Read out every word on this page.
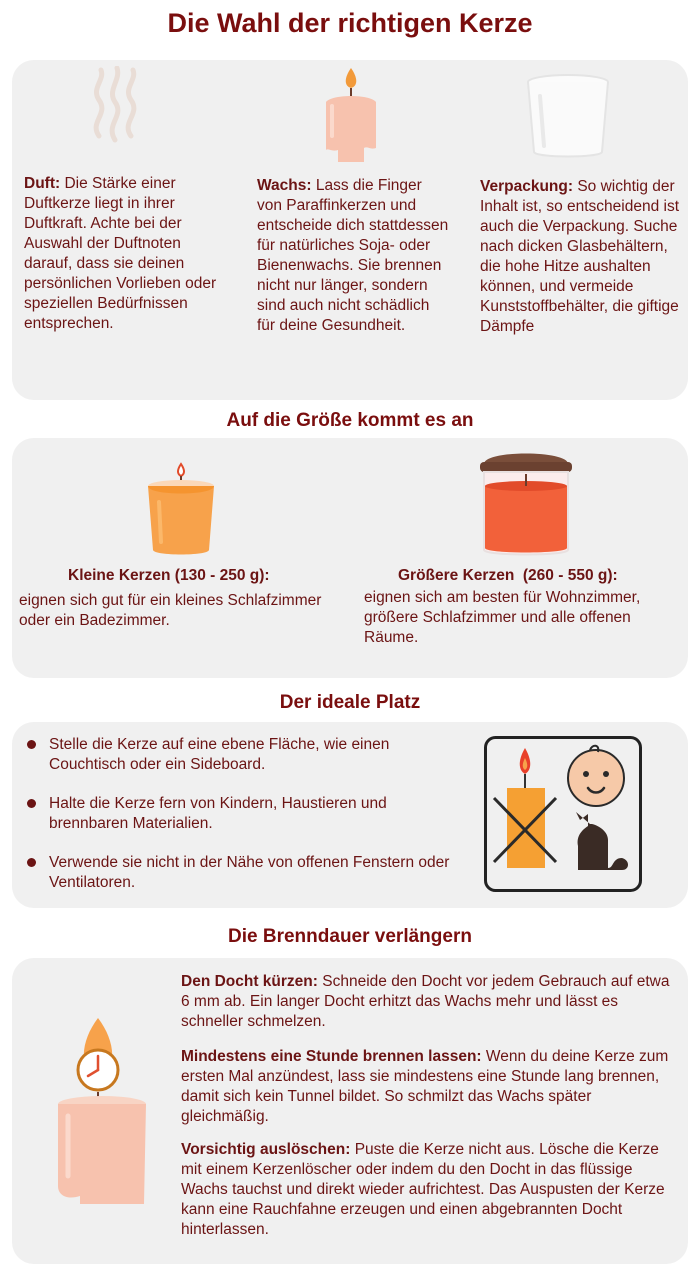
Die Wahl der richtigen Kerze
Duft: Die Stärke einer Duftkerze liegt in ihrer Duftkraft. Achte bei der Auswahl der Duftnoten darauf, dass sie deinen persönlichen Vorlieben oder speziellen Bedürfnissen entsprechen.
Wachs: Lass die Finger von Paraffinkerzen und entscheide dich stattdessen für natürliches Soja- oder Bienenwachs. Sie brennen nicht nur länger, sondern sind auch nicht schädlich für deine Gesundheit.
Verpackung: So wichtig der Inhalt ist, so entscheidend ist auch die Verpackung. Suche nach dicken Glasbehältern, die hohe Hitze aushalten können, und vermeide Kunststoffbehälter, die giftige Dämpfe
Auf die Größe kommt es an
Kleine Kerzen (130 - 250 g):
eignen sich gut für ein kleines Schlafzimmer oder ein Badezimmer.
Größere Kerzen  (260 - 550 g):
eignen sich am besten für Wohnzimmer, größere Schlafzimmer und alle offenen Räume.
Der ideale Platz
Stelle die Kerze auf eine ebene Fläche, wie einen Couchtisch oder ein Sideboard.
Halte die Kerze fern von Kindern, Haustieren und brennbaren Materialien.
Verwende sie nicht in der Nähe von offenen Fenstern oder Ventilatoren.
Die Brenndauer verlängern
Den Docht kürzen: Schneide den Docht vor jedem Gebrauch auf etwa 6 mm ab. Ein langer Docht erhitzt das Wachs mehr und lässt es schneller schmelzen.
Mindestens eine Stunde brennen lassen: Wenn du deine Kerze zum ersten Mal anzündest, lass sie mindestens eine Stunde lang brennen, damit sich kein Tunnel bildet. So schmilzt das Wachs später gleichmäßig.
Vorsichtig auslöschen: Puste die Kerze nicht aus. Lösche die Kerze mit einem Kerzenlöscher oder indem du den Docht in das flüssige Wachs tauchst und direkt wieder aufrichtest. Das Auspusten der Kerze kann eine Rauchfahne erzeugen und einen abgebrannten Docht hinterlassen.
